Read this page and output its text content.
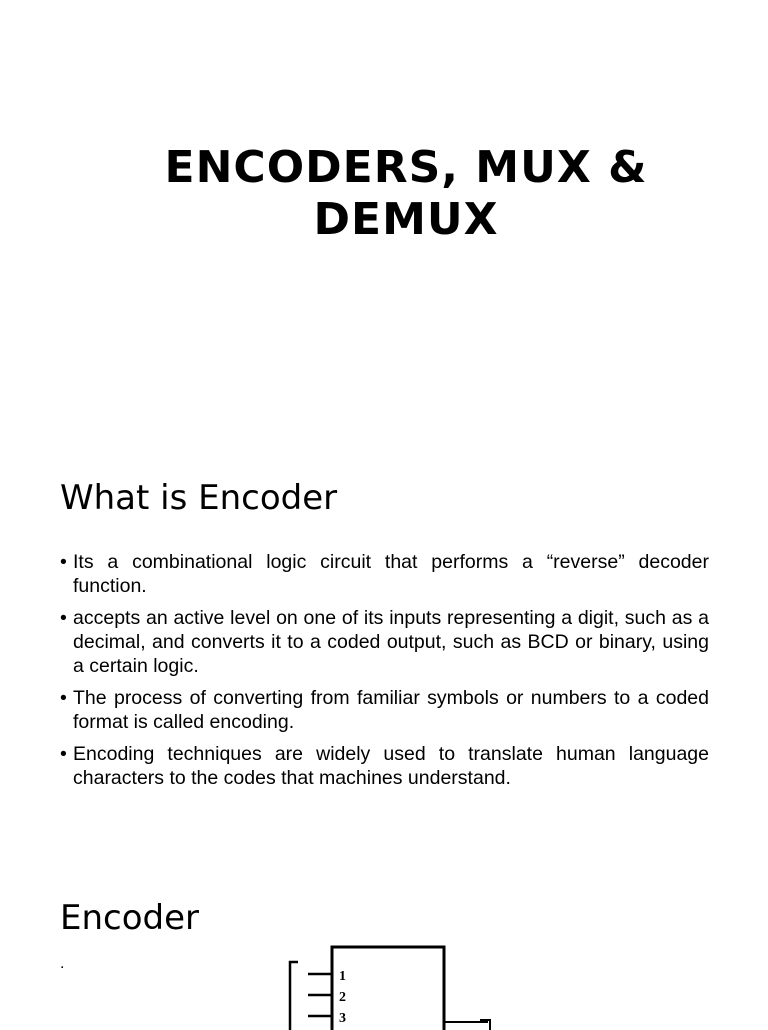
ENCODERS, MUX &
DEMUX
What is Encoder
• Its a combinational logic circuit that performs a “reverse” decoder function.
• accepts an active level on one of its inputs representing a digit, such as a decimal, and converts it to a coded output, such as BCD or binary, using a certain logic.
• The process of converting from familiar symbols or numbers to a coded format is called encoding.
• Encoding techniques are widely used to translate human language characters to the codes that machines understand.
Encoder
.
1
2
3
